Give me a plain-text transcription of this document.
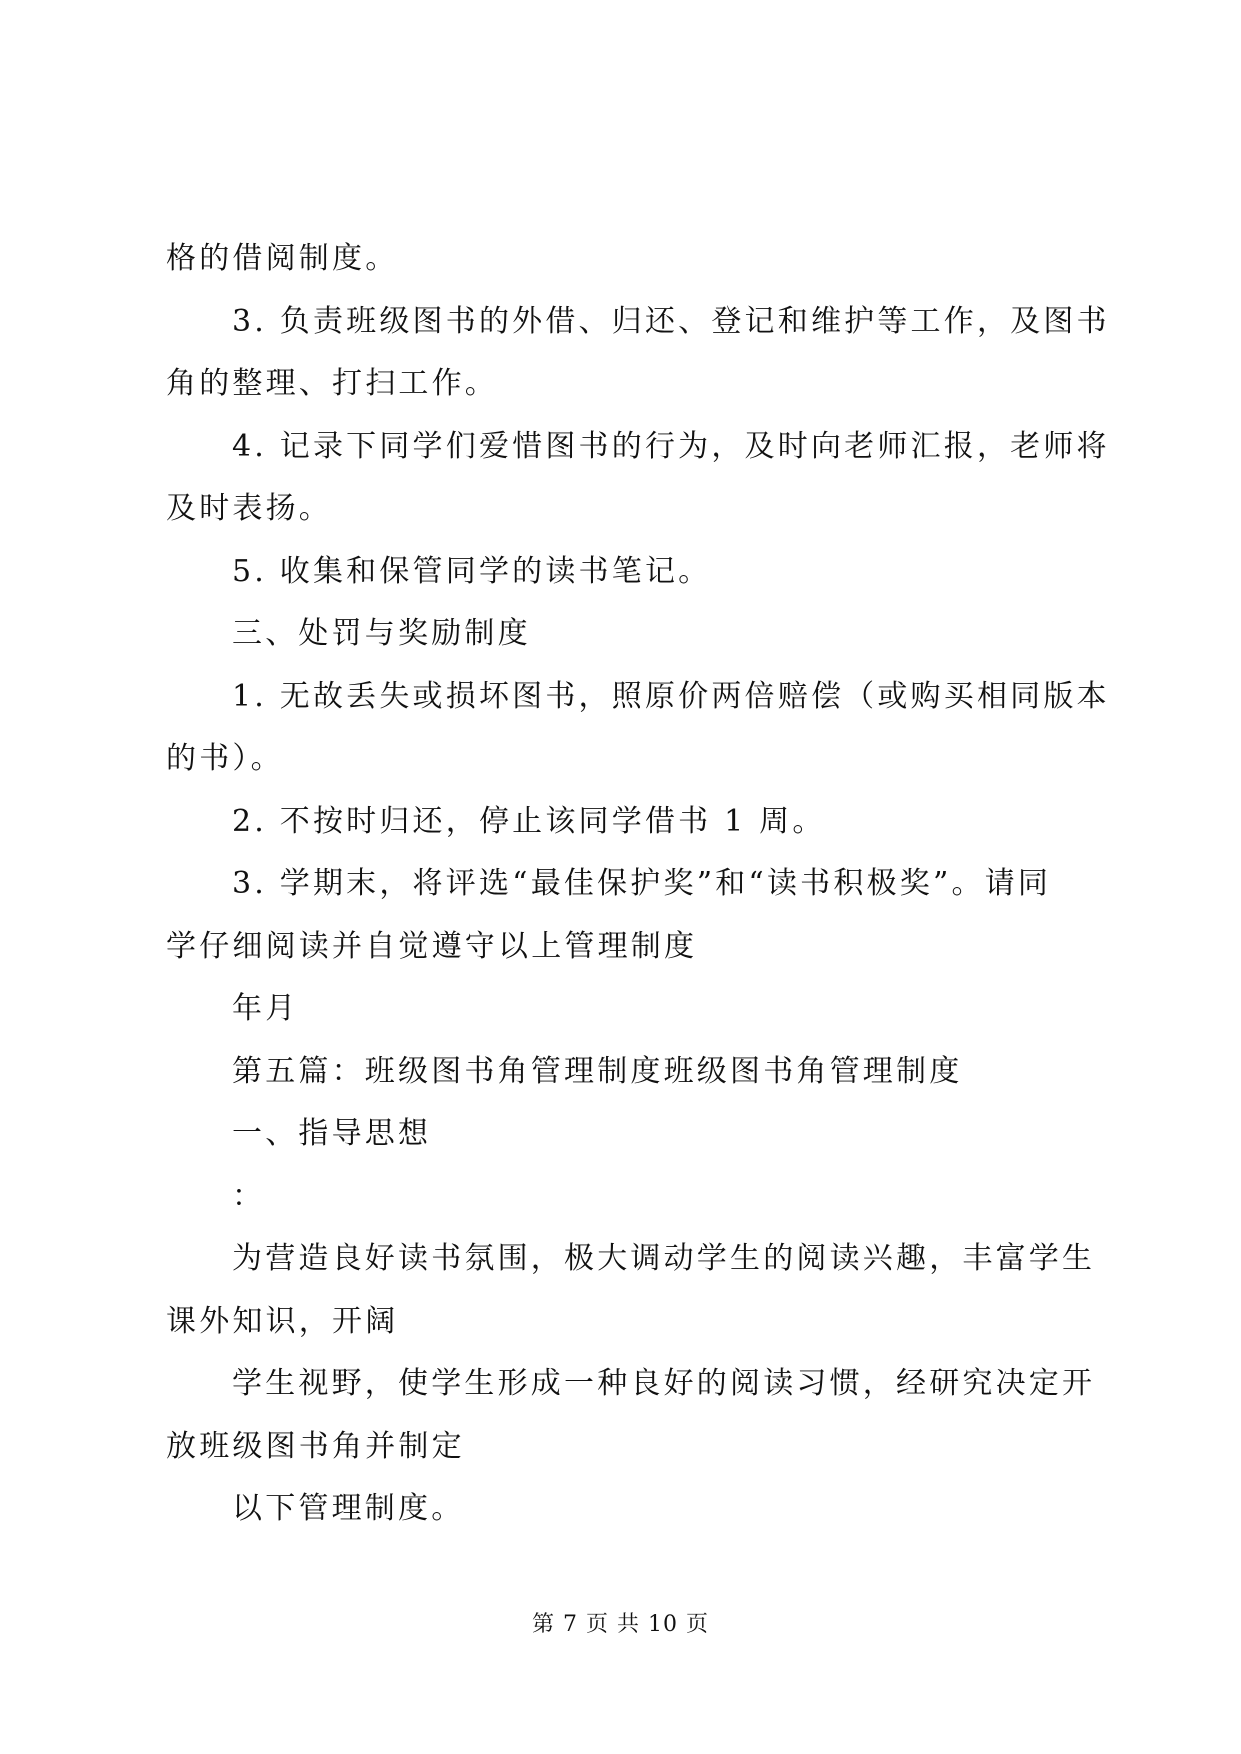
格的借阅制度。
3. 负责班级图书的外借、归还、登记和维护等工作，及图书
角的整理、打扫工作。
4. 记录下同学们爱惜图书的行为，及时向老师汇报，老师将
及时表扬。
5. 收集和保管同学的读书笔记。
三、处罚与奖励制度
1. 无故丢失或损坏图书，照原价两倍赔偿（或购买相同版本
的书）。
2. 不按时归还，停止该同学借书 1 周。
3. 学期末，将评选“最佳保护奖”和“读书积极奖”。请同
学仔细阅读并自觉遵守以上管理制度
年月
第五篇：班级图书角管理制度班级图书角管理制度
一、指导思想
：
为营造良好读书氛围，极大调动学生的阅读兴趣，丰富学生
课外知识，开阔
学生视野，使学生形成一种良好的阅读习惯，经研究决定开
放班级图书角并制定
以下管理制度。
第 7 页 共 10 页
